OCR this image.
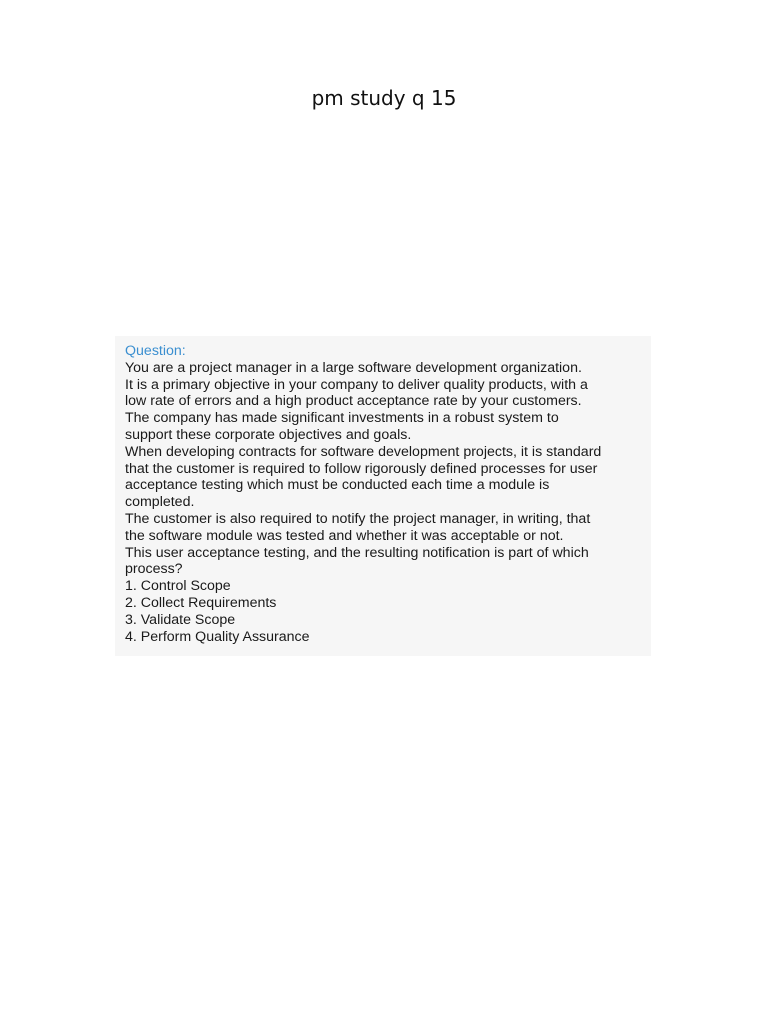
pm study q 15
Question:
You are a project manager in a large software development organization.
It is a primary objective in your company to deliver quality products, with a
low rate of errors and a high product acceptance rate by your customers.
The company has made significant investments in a robust system to
support these corporate objectives and goals.
When developing contracts for software development projects, it is standard
that the customer is required to follow rigorously defined processes for user
acceptance testing which must be conducted each time a module is
completed.
The customer is also required to notify the project manager, in writing, that
the software module was tested and whether it was acceptable or not.
This user acceptance testing, and the resulting notification is part of which
process?
1. Control Scope
2. Collect Requirements
3. Validate Scope
4. Perform Quality Assurance
